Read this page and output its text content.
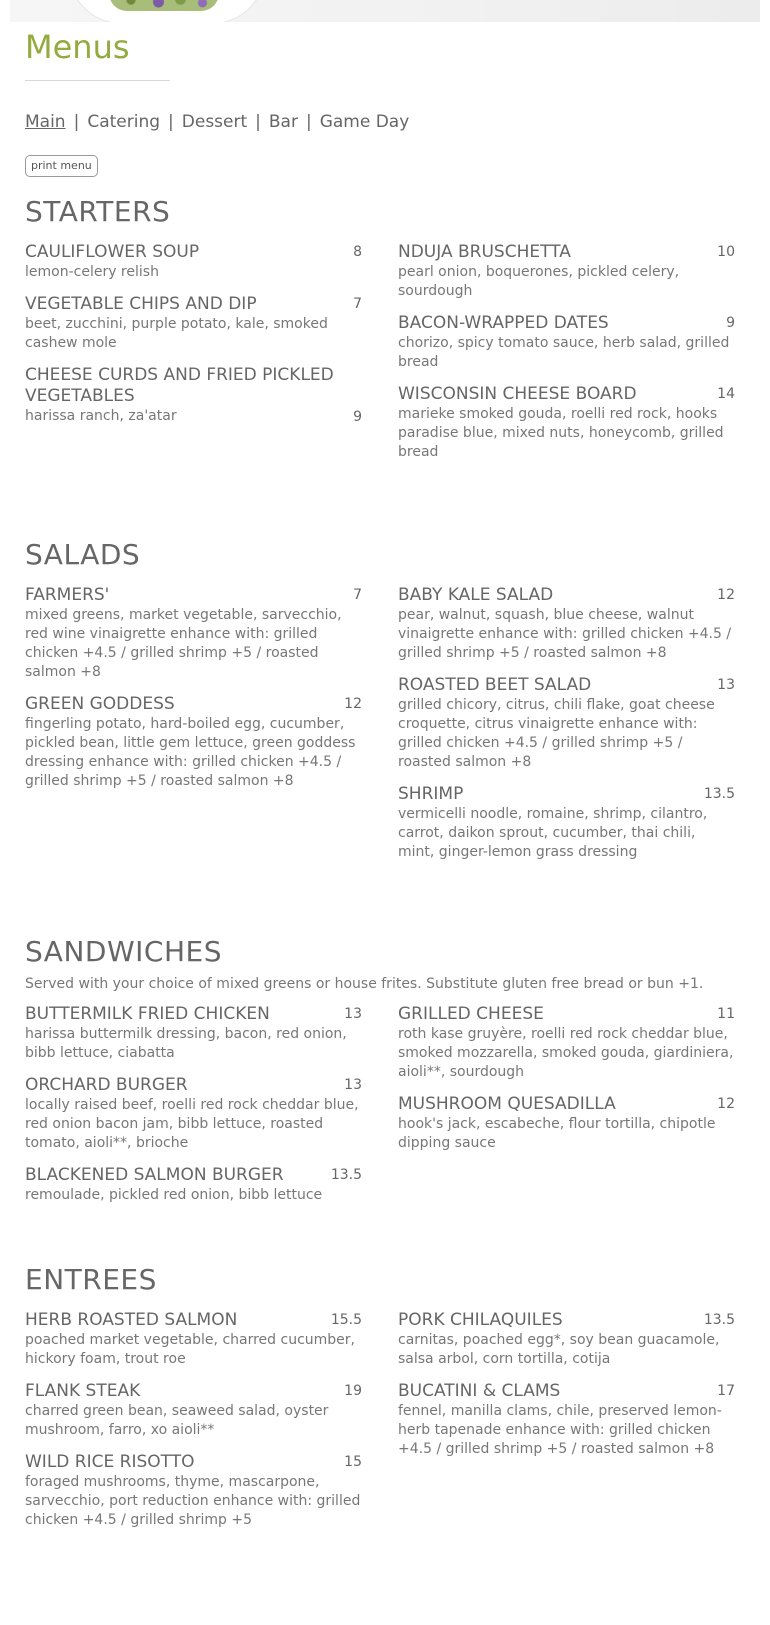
Menus
Main | Catering | Dessert | Bar | Game Day
print menu
STARTERS
CAULIFLOWER SOUP	8
lemon-celery relish
VEGETABLE CHIPS AND DIP	7
beet, zucchini, purple potato, kale, smoked cashew mole
CHEESE CURDS AND FRIED PICKLED VEGETABLES
harissa ranch, za'atar	9
NDUJA BRUSCHETTA	10
pearl onion, boquerones, pickled celery, sourdough
BACON-WRAPPED DATES	9
chorizo, spicy tomato sauce, herb salad, grilled bread
WISCONSIN CHEESE BOARD	14
marieke smoked gouda, roelli red rock, hooks paradise blue, mixed nuts, honeycomb, grilled bread
SALADS
FARMERS'	7
mixed greens, market vegetable, sarvecchio, red wine vinaigrette enhance with: grilled chicken +4.5 / grilled shrimp +5 / roasted salmon +8
GREEN GODDESS	12
fingerling potato, hard-boiled egg, cucumber, pickled bean, little gem lettuce, green goddess dressing enhance with: grilled chicken +4.5 / grilled shrimp +5 / roasted salmon +8
BABY KALE SALAD	12
pear, walnut, squash, blue cheese, walnut vinaigrette enhance with: grilled chicken +4.5 / grilled shrimp +5 / roasted salmon +8
ROASTED BEET SALAD	13
grilled chicory, citrus, chili flake, goat cheese croquette, citrus vinaigrette enhance with: grilled chicken +4.5 / grilled shrimp +5 / roasted salmon +8
SHRIMP	13.5
vermicelli noodle, romaine, shrimp, cilantro, carrot, daikon sprout, cucumber, thai chili, mint, ginger-lemon grass dressing
SANDWICHES
Served with your choice of mixed greens or house frites. Substitute gluten free bread or bun +1.
BUTTERMILK FRIED CHICKEN	13
harissa buttermilk dressing, bacon, red onion, bibb lettuce, ciabatta
ORCHARD BURGER	13
locally raised beef, roelli red rock cheddar blue, red onion bacon jam, bibb lettuce, roasted tomato, aioli**, brioche
BLACKENED SALMON BURGER	13.5
remoulade, pickled red onion, bibb lettuce
GRILLED CHEESE	11
roth kase gruyère, roelli red rock cheddar blue, smoked mozzarella, smoked gouda, giardiniera, aioli**, sourdough
MUSHROOM QUESADILLA	12
hook's jack, escabeche, flour tortilla, chipotle dipping sauce
ENTREES
HERB ROASTED SALMON	15.5
poached market vegetable, charred cucumber, hickory foam, trout roe
FLANK STEAK	19
charred green bean, seaweed salad, oyster mushroom, farro, xo aioli**
WILD RICE RISOTTO	15
foraged mushrooms, thyme, mascarpone, sarvecchio, port reduction enhance with: grilled chicken +4.5 / grilled shrimp +5
PORK CHILAQUILES	13.5
carnitas, poached egg*, soy bean guacamole, salsa arbol, corn tortilla, cotija
BUCATINI & CLAMS	17
fennel, manilla clams, chile, preserved lemon-herb tapenade enhance with: grilled chicken +4.5 / grilled shrimp +5 / roasted salmon +8
